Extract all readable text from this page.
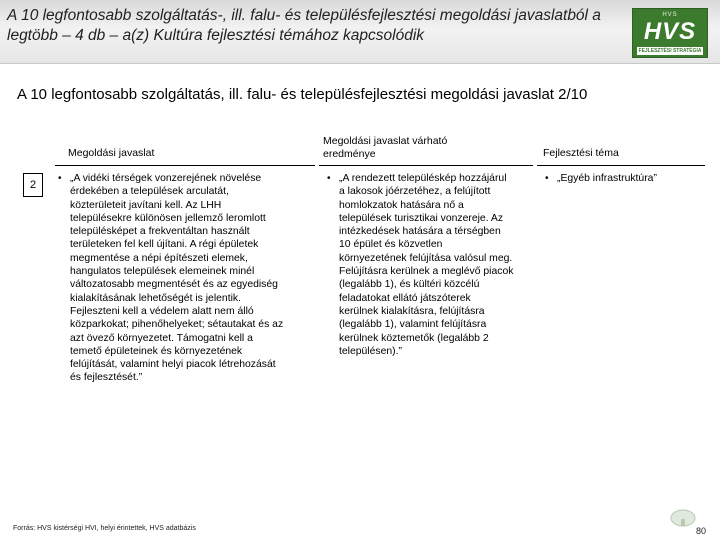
A 10 legfontosabb szolgáltatás-, ill. falu- és településfejlesztési megoldási javaslatból a legtöbb – 4 db – a(z) Kultúra fejlesztési témához kapcsolódik
HVS
HVS
FEJLESZTÉSI STRATÉGIA
A 10 legfontosabb szolgáltatás, ill. falu- és településfejlesztési megoldási javaslat 2/10
Megoldási javaslat
Megoldási javaslat várható
eredménye	Fejlesztési téma
2
• „A vidéki térségek vonzerejének növelése
érdekében a települések arculatát,
közterületeit javítani kell. Az LHH
településekre különösen jellemző leromlott
településképet a frekventáltan használt
területeken fel kell újítani. A régi épületek
megmentése a népi építészeti elemek,
hangulatos települések elemeinek minél
változatosabb megmentését és az egyediség
kialakításának lehetőségét is jelentik.
Fejleszteni kell a védelem alatt nem álló
közparkokat; pihenőhelyeket; sétautakat és az
azt övező környezetet. Támogatni kell a
temető épületeinek és környezetének
felújítását, valamint helyi piacok létrehozását
és fejlesztését.”
• „A rendezett településkép hozzájárul
a lakosok jóérzetéhez, a felújított
homlokzatok hatására nő a
települések turisztikai vonzereje. Az
intézkedések hatására a térségben
10 épület és közvetlen
környezetének felújítása valósul meg.
Felújításra kerülnek a meglévő piacok
(legalább 1), és kültéri közcélú
feladatokat ellátó játszóterek
kerülnek kialakításra, felújításra
(legalább 1), valamint felújításra
kerülnek köztemetők (legalább 2
településen).”
• „Egyéb infrastruktúra”
Forrás: HVS kistérségi HVI, helyi érintettek, HVS adatbázis	80
